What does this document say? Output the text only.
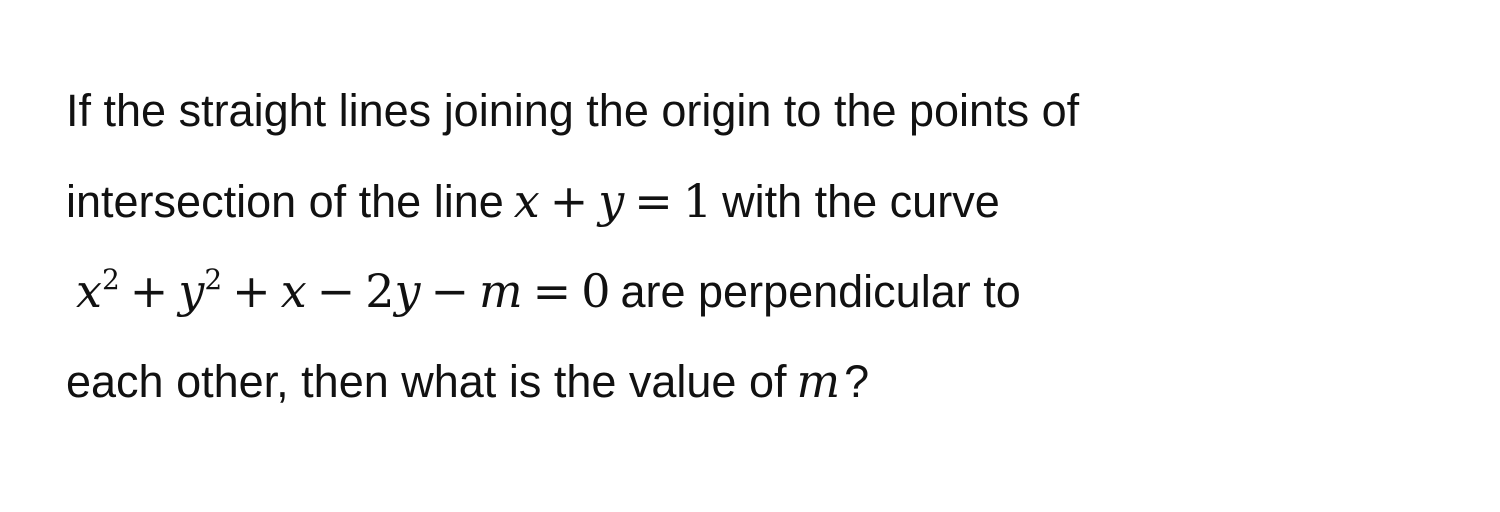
If the straight lines joining the origin to the points of
intersection of the line x + y = 1 with the curve
$x^2 + y^2 + x - 2y - m = 0$ are perpendicular to
each other, then what is the value of m?
